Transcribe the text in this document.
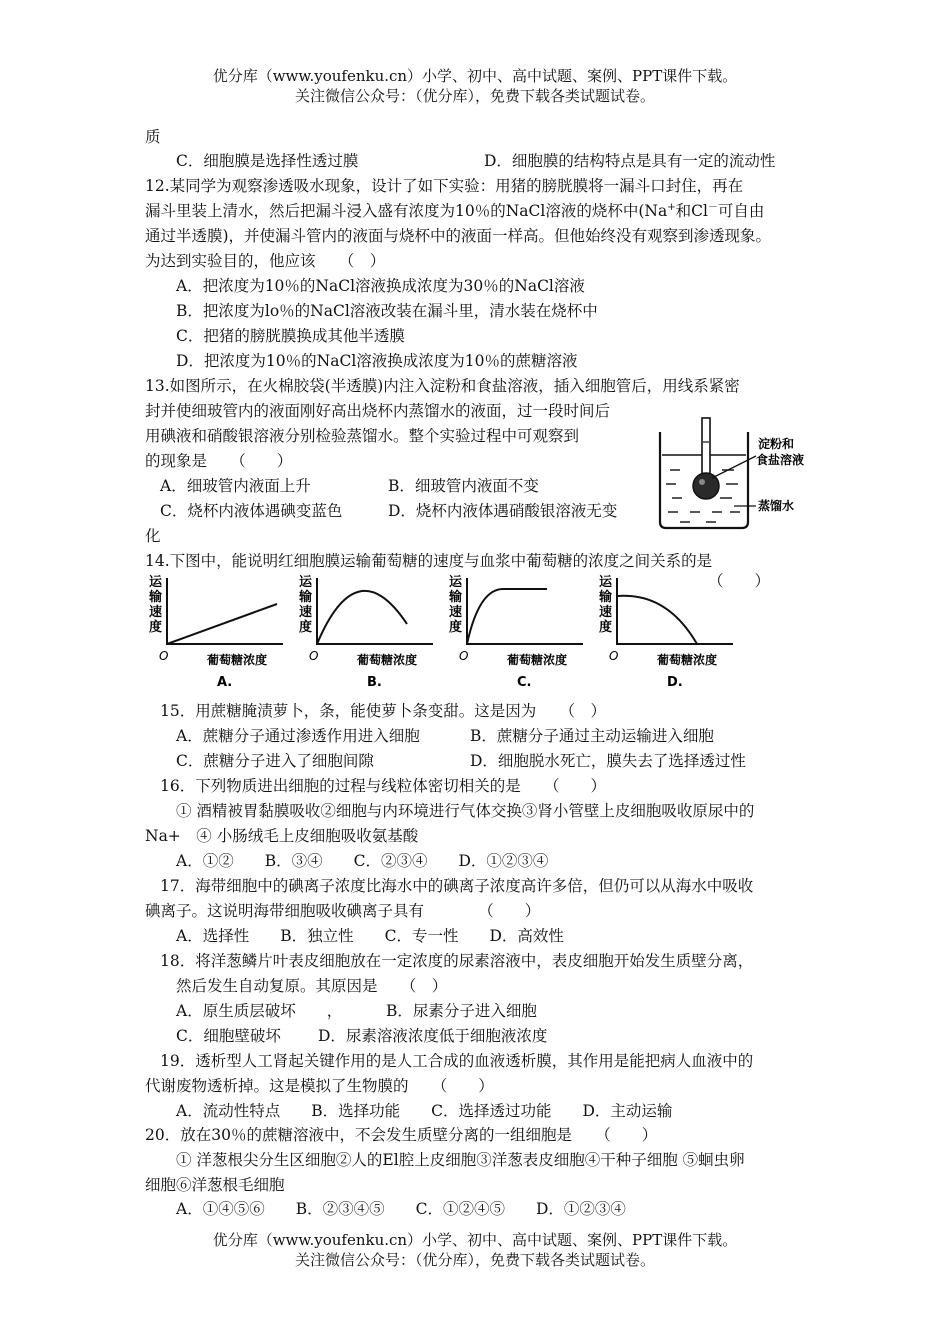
优分库（www.youfenku.cn）小学、初中、高中试题、案例、PPT课件下载。
关注微信公众号：（优分库），免费下载各类试题试卷。
质
C．细胞膜是选择性透过膜	D．细胞膜的结构特点是具有一定的流动性
12.某同学为观察渗透吸水现象，设计了如下实验：用猪的膀胱膜将一漏斗口封住，再在
漏斗里装上清水，然后把漏斗浸入盛有浓度为10％的NaCl溶液的烧杯中(Na+和Cl－可自由
通过半透膜)，并使漏斗管内的液面与烧杯中的液面一样高。但他始终没有观察到渗透现象。
为达到实验目的，他应该　　（　）
A．把浓度为10％的NaCl溶液换成浓度为30％的NaCl溶液
B．把浓度为lo％的NaCl溶液改装在漏斗里，清水装在烧杯中
C．把猪的膀胱膜换成其他半透膜
D．把浓度为10％的NaCl溶液换成浓度为10％的蔗糖溶液
13.如图所示，在火棉胶袋(半透膜)内注入淀粉和食盐溶液，插入细胞管后，用线系紧密
封并使细玻管内的液面刚好高出烧杯内蒸馏水的液面，过一段时间后
用碘液和硝酸银溶液分别检验蒸馏水。整个实验过程中可观察到
的现象是　　（　　）
A．细玻管内液面上升	B．细玻管内液面不变
C．烧杯内液体遇碘变蓝色	D．烧杯内液体遇硝酸银溶液无变
化
淀粉和
食盐溶液
蒸馏水
14.下图中，能说明红细胞膜运输葡萄糖的速度与血浆中葡萄糖的浓度之间关系的是
（　　）
运
输
速
度
O	葡萄糖浓度
A.
运
输
速
度
O	葡萄糖浓度
B.
运
输
速
度
O	葡萄糖浓度
C.
运
输
速
度
O	葡萄糖浓度
D.
15．用蔗糖腌渍萝卜，条，能使萝卜条变甜。这是因为　　（　）
A．蔗糖分子通过渗透作用进入细胞	B．蔗糖分子通过主动运输进入细胞
C．蔗糖分子进入了细胞间隙	D．细胞脱水死亡，膜失去了选择透过性
16．下列物质进出细胞的过程与线粒体密切相关的是　　（　　）
① 酒精被胃黏膜吸收②细胞与内环境进行气体交换③肾小管壁上皮细胞吸收原尿中的
Na+　④ 小肠绒毛上皮细胞吸收氨基酸
A．①②　　B．③④　　C．②③④　　D．①②③④
17．海带细胞中的碘离子浓度比海水中的碘离子浓度高许多倍，但仍可以从海水中吸收
碘离子。这说明海带细胞吸收碘离子具有　　　　（　　）
A．选择性　　B．独立性　　C．专一性　　D．高效性
18．将洋葱鳞片叶表皮细胞放在一定浓度的尿素溶液中，表皮细胞开始发生质壁分离，
然后发生自动复原。其原因是　　（　）
A．原生质层破坏　　，	B．尿素分子进入细胞
C．细胞壁破坏 D．尿素溶液浓度低于细胞液浓度
19．透析型人工肾起关键作用的是人工合成的血液透析膜，其作用是能把病人血液中的
代谢废物透析掉。这是模拟了生物膜的　　（　　）
A．流动性特点　　B．选择功能　　C．选择透过功能　　D．主动运输
20．放在30％的蔗糖溶液中，不会发生质壁分离的一组细胞是　　（　　）
① 洋葱根尖分生区细胞②人的El腔上皮细胞③洋葱表皮细胞④干种子细胞 ⑤蛔虫卵
细胞⑥洋葱根毛细胞
A．①④⑤⑥　　B．②③④⑤　　C．①②④⑤　　D．①②③④
优分库（www.youfenku.cn）小学、初中、高中试题、案例、PPT课件下载。
关注微信公众号：（优分库），免费下载各类试题试卷。
